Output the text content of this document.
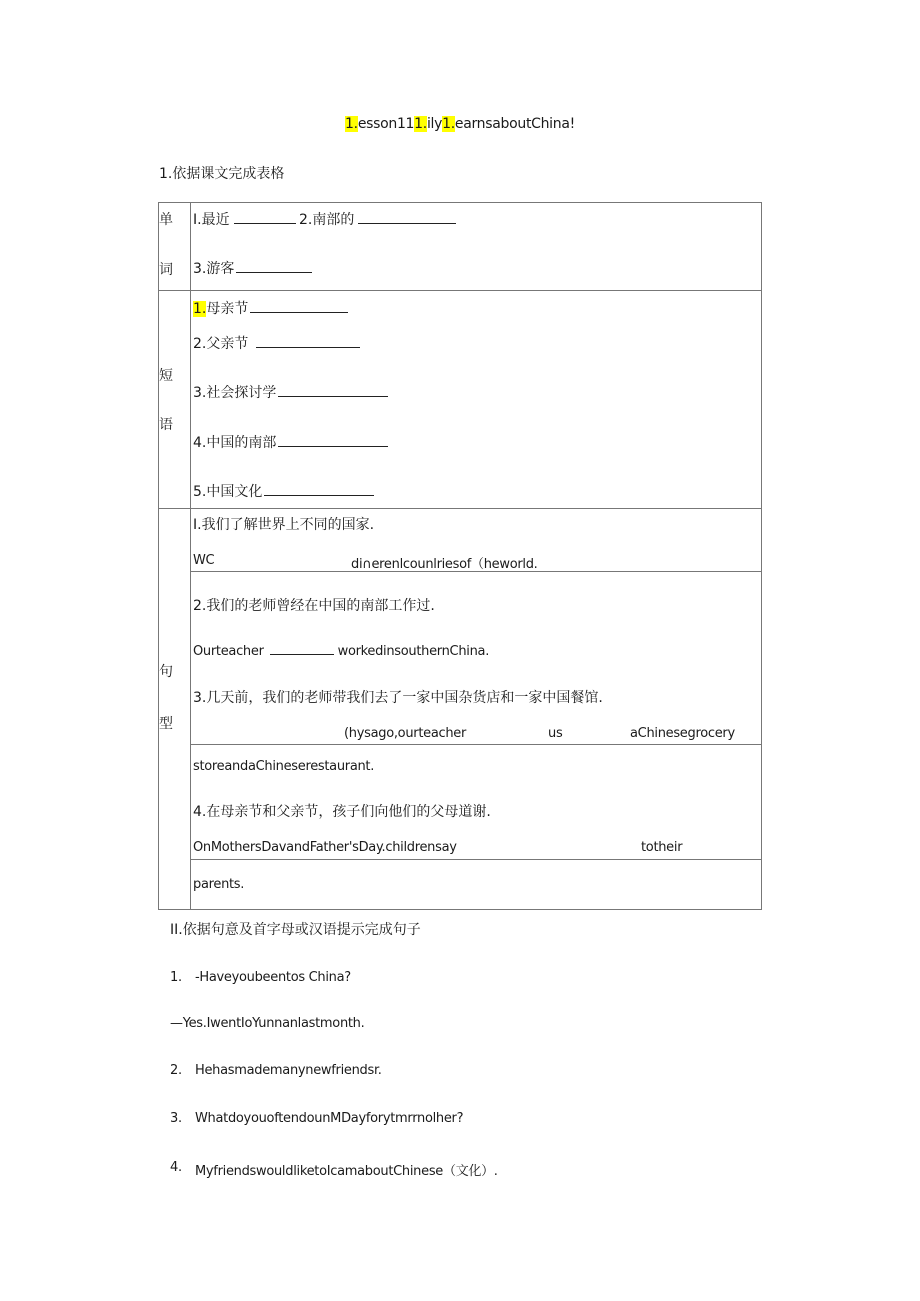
1.esson111.ily1.earnsaboutChina!
1.依据课文完成表格
单
词
I.最近	2.南部的
3.游客
短
语
1.母亲节
2.父亲节
3.社会探讨学
4.中国的南部
5.中国文化
句
型
I.我们了解世界上不同的国家.
WC	di∩erenlcounlriesof（heworld.
2.我们的老师曾经在中国的南部工作过.
Ourteacher	workedinsouthernChina.
3.几天前，我们的老师带我们去了一家中国杂货店和一家中国餐馆.
(hysago,ourteacher	us	aChinesegrocery
storeandaChineserestaurant.
4.在母亲节和父亲节，孩子们向他们的父母道谢.
OnMothersDavandFather'sDay.childrensay	totheir
parents.
II.依据句意及首字母或汉语提示完成句子
1. -Haveyoubeentos China?
—Yes.IwentIoYunnanlastmonth.
2. Hehasmademanynewfriendsr.
3. WhatdoyouoftendounMDayforytmrrnolher?
4. MyfriendswouldliketoIcamaboutChinese（文化）.
